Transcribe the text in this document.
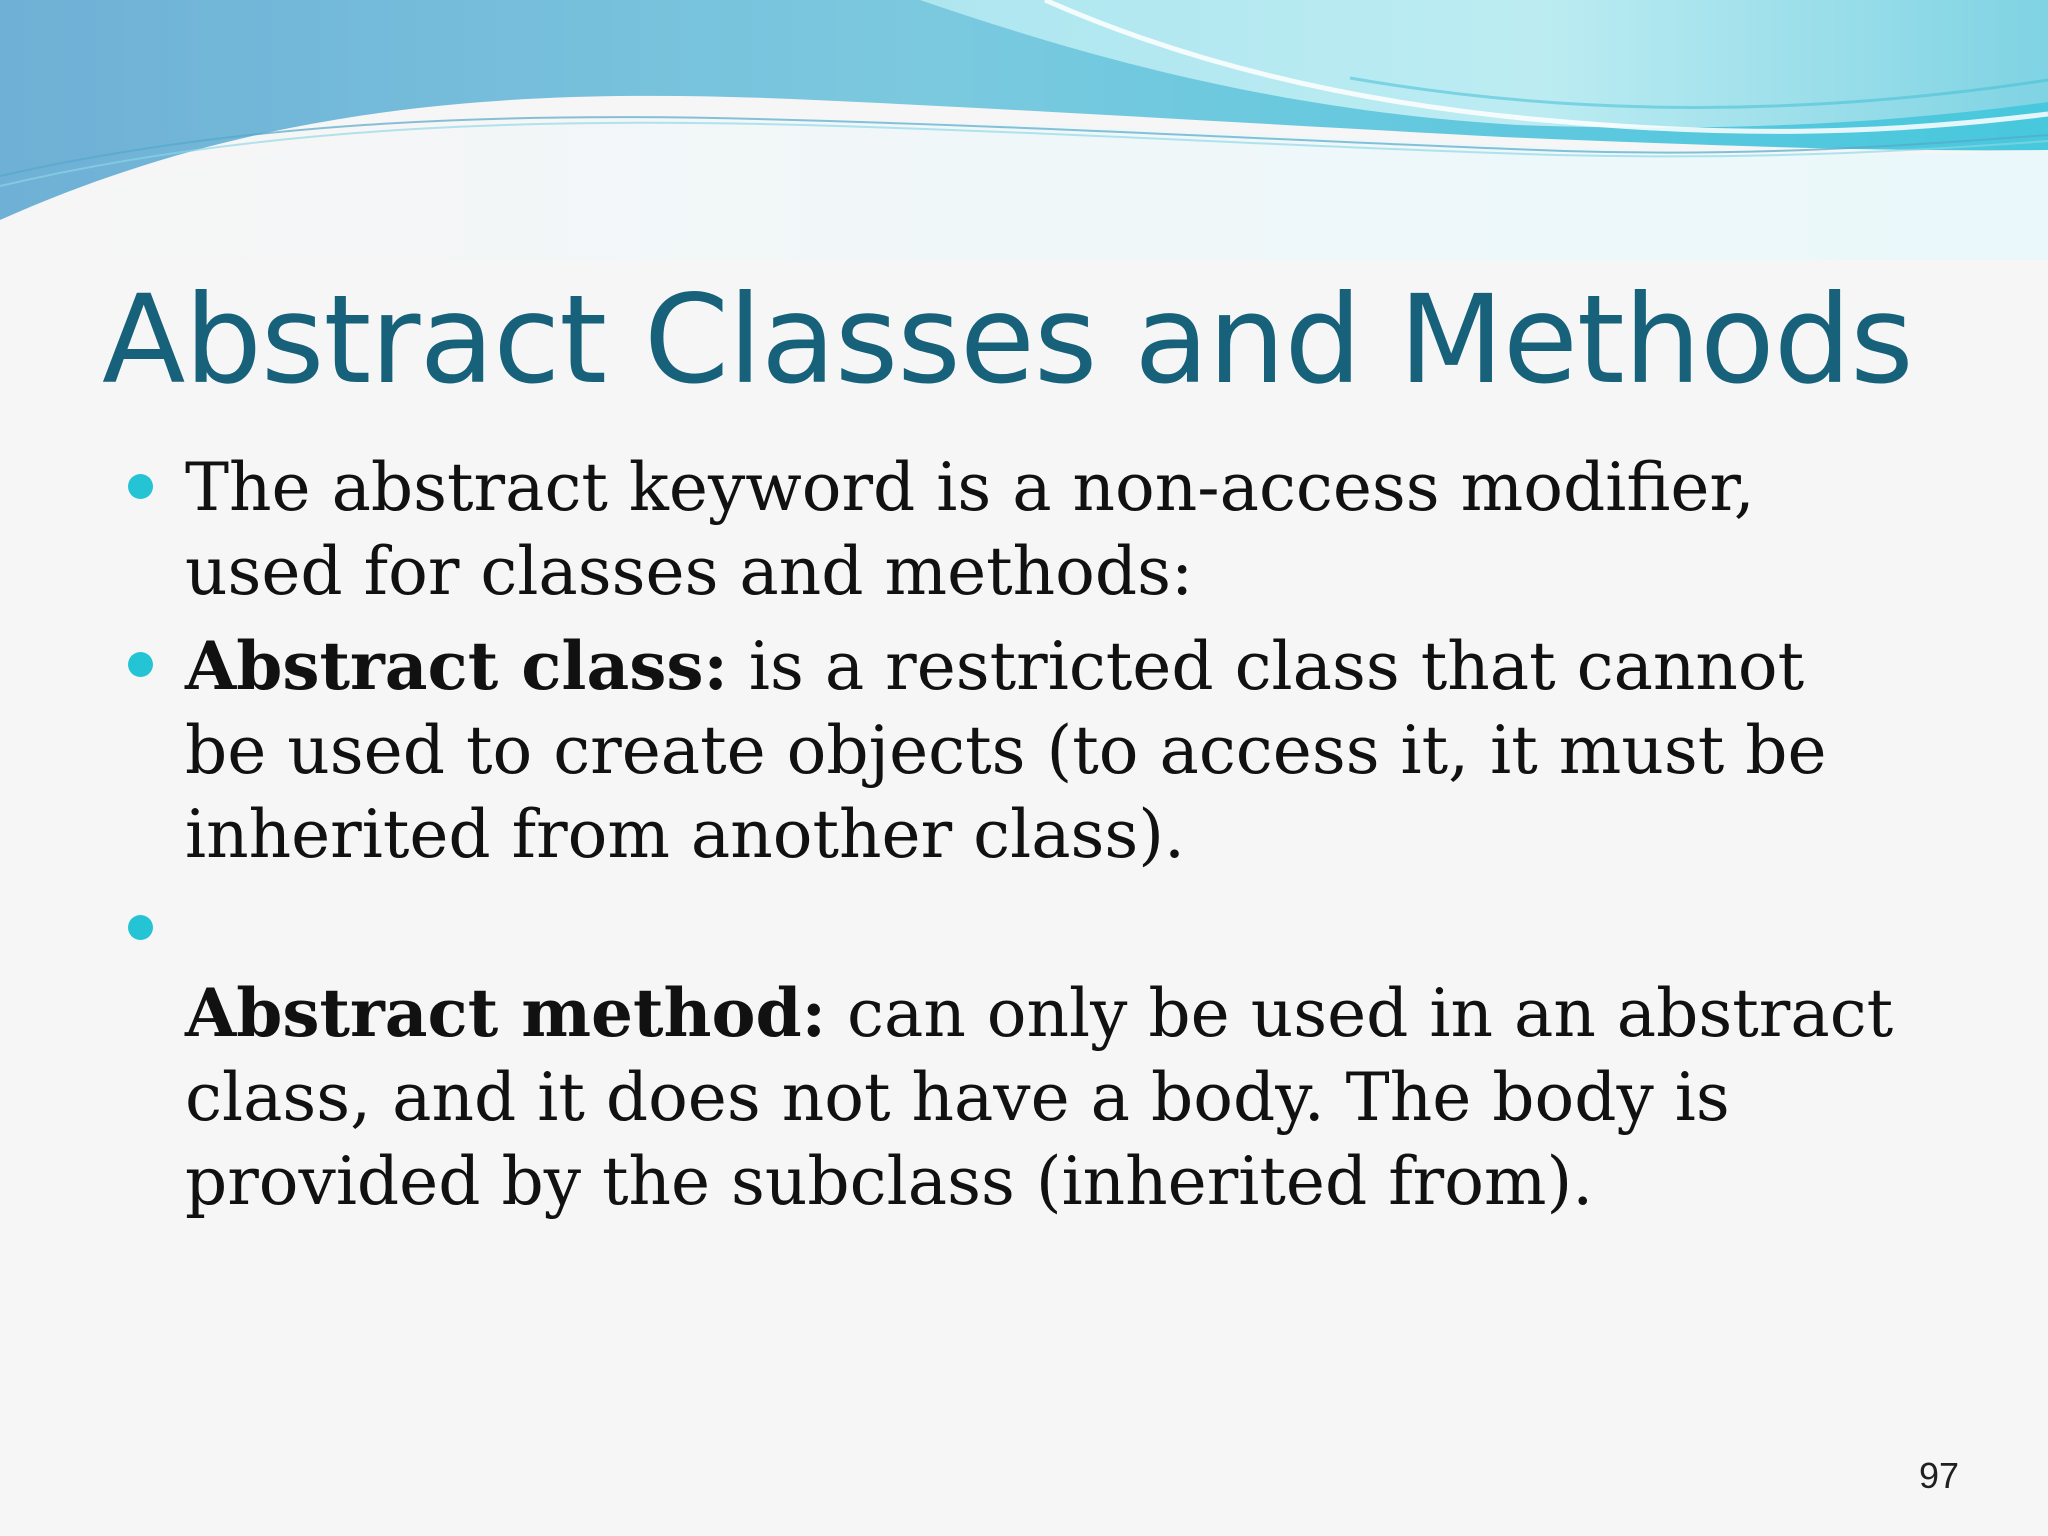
Abstract Classes and Methods
The abstract keyword is a non-access modifier, used for classes and methods:
Abstract class: is a restricted class that cannot be used to create objects (to access it, it must be inherited from another class).
Abstract method: can only be used in an abstract class, and it does not have a body. The body is provided by the subclass (inherited from).
97
